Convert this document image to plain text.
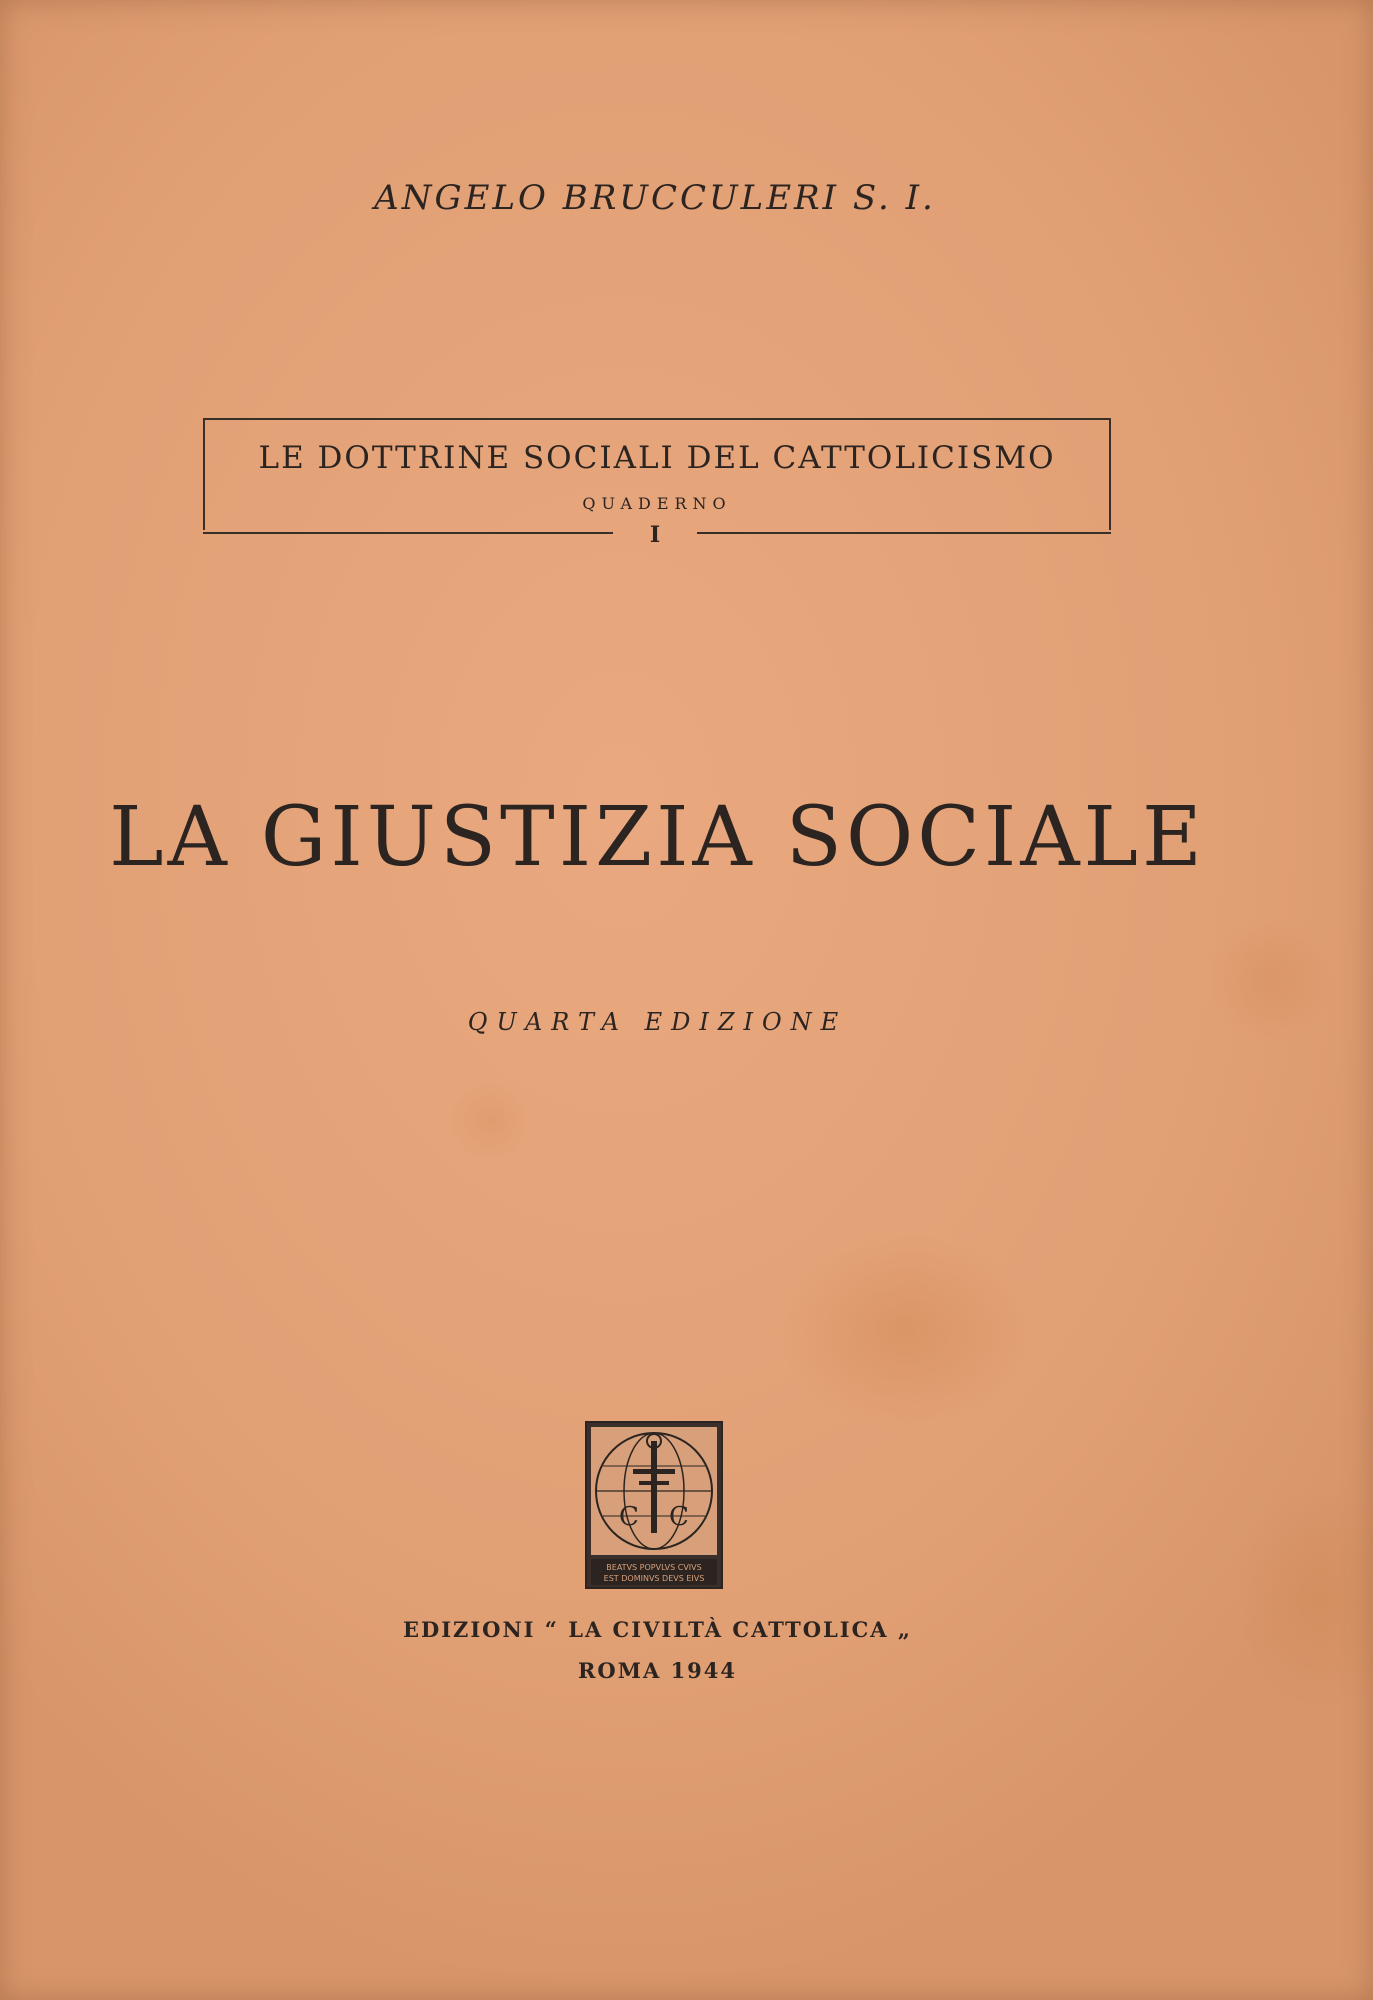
ANGELO BRUCCULERI S. I.
LE DOTTRINE SOCIALI DEL CATTOLICISMO
QUADERNO
I
LA GIUSTIZIA SOCIALE
QUARTA EDIZIONE
C C
BEATVS POPVLVS CVIVS
EST DOMINVS DEVS EIVS
EDIZIONI “ LA CIVILTÀ CATTOLICA „
ROMA 1944
